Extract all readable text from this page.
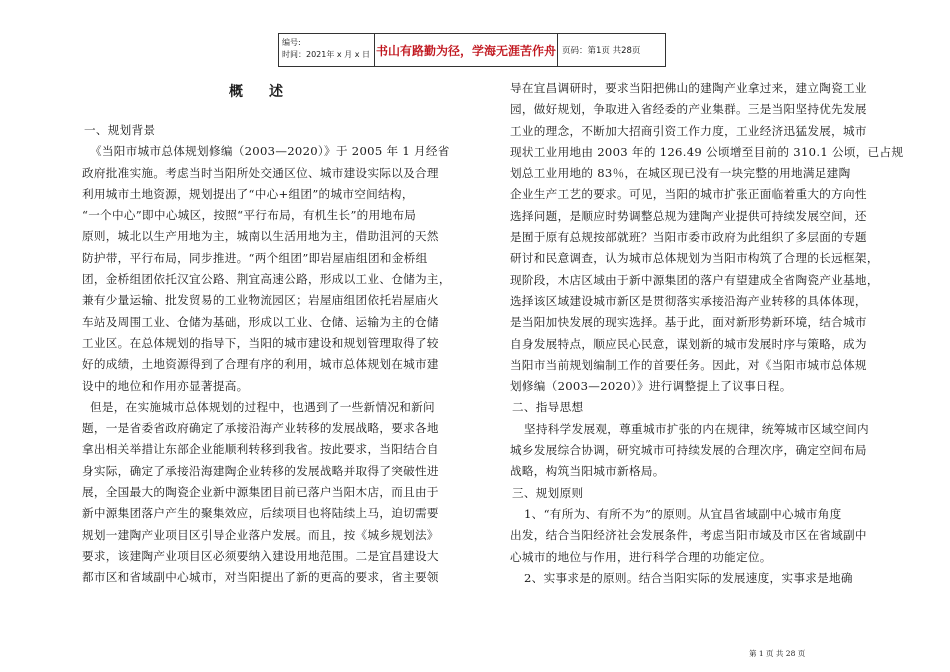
编号:
时间：2021年 x 月 x 日 书山有路勤为径，学海无涯苦作舟 页码：第1页 共28页
概述

一、规划背景

《当阳市城市总体规划修编（2003—2020）》于 2005 年 1 月经省

政府批准实施。考虑当时当阳所处交通区位、城市建设实际以及合理

利用城市土地资源，规划提出了“中心+组团”的城市空间结构，

“一个中心”即中心城区，按照“平行布局，有机生长”的用地布局

原则，城北以生产用地为主，城南以生活用地为主，借助沮河的天然

防护带，平行布局，同步推进。“两个组团”即岩屋庙组团和金桥组

团，金桥组团依托汉宜公路、荆宜高速公路，形成以工业、仓储为主，

兼有少量运输、批发贸易的工业物流园区；岩屋庙组团依托岩屋庙火

车站及周围工业、仓储为基础，形成以工业、仓储、运输为主的仓储

工业区。在总体规划的指导下，当阳的城市建设和规划管理取得了较

好的成绩，土地资源得到了合理有序的利用，城市总体规划在城市建

设中的地位和作用亦显著提高。

但是，在实施城市总体规划的过程中，也遇到了一些新情况和新问

题，一是省委省政府确定了承接沿海产业转移的发展战略，要求各地

拿出相关举措让东部企业能顺利转移到我省。按此要求，当阳结合自

身实际，确定了承接沿海建陶企业转移的发展战略并取得了突破性进

展，全国最大的陶瓷企业新中源集团目前已落户当阳木店，而且由于

新中源集团落户产生的聚集效应，后续项目也将陆续上马，迫切需要

规划一建陶产业项目区引导企业落户发展。而且，按《城乡规划法》

要求，该建陶产业项目区必须要纳入建设用地范围。二是宜昌建设大

都市区和省域副中心城市，对当阳提出了新的更高的要求，省主要领

导在宜昌调研时，要求当阳把佛山的建陶产业拿过来，建立陶瓷工业

园，做好规划，争取进入省经委的产业集群。三是当阳坚持优先发展

工业的理念，不断加大招商引资工作力度，工业经济迅猛发展，城市

现状工业用地由 2003 年的 126.49 公顷增至目前的 310.1 公顷，已占规

划总工业用地的 83％，在城区现已没有一块完整的用地满足建陶

企业生产工艺的要求。可见，当阳的城市扩张正面临着重大的方向性

选择问题，是顺应时势调整总规为建陶产业提供可持续发展空间，还

是囿于原有总规按部就班？当阳市委市政府为此组织了多层面的专题

研讨和民意调查，认为城市总体规划为当阳市构筑了合理的长远框架，

现阶段，木店区域由于新中源集团的落户有望建成全省陶瓷产业基地，

选择该区域建设城市新区是贯彻落实承接沿海产业转移的具体体现，

是当阳加快发展的现实选择。基于此，面对新形势新环境，结合城市

自身发展特点，顺应民心民意，谋划新的城市发展时序与策略，成为

当阳市当前规划编制工作的首要任务。因此，对《当阳市城市总体规

划修编（2003—2020）》进行调整提上了议事日程。

二、指导思想

坚持科学发展观，尊重城市扩张的内在规律，统筹城市区域空间内

城乡发展综合协调，研究城市可持续发展的合理次序，确定空间布局

战略，构筑当阳城市新格局。

三、规划原则

1、“有所为、有所不为”的原则。从宜昌省域副中心城市角度

出发，结合当阳经济社会发展条件，考虑当阳市域及市区在省域副中

心城市的地位与作用，进行科学合理的功能定位。

2、实事求是的原则。结合当阳实际的发展速度，实事求是地确

第 1 页 共 28 页
